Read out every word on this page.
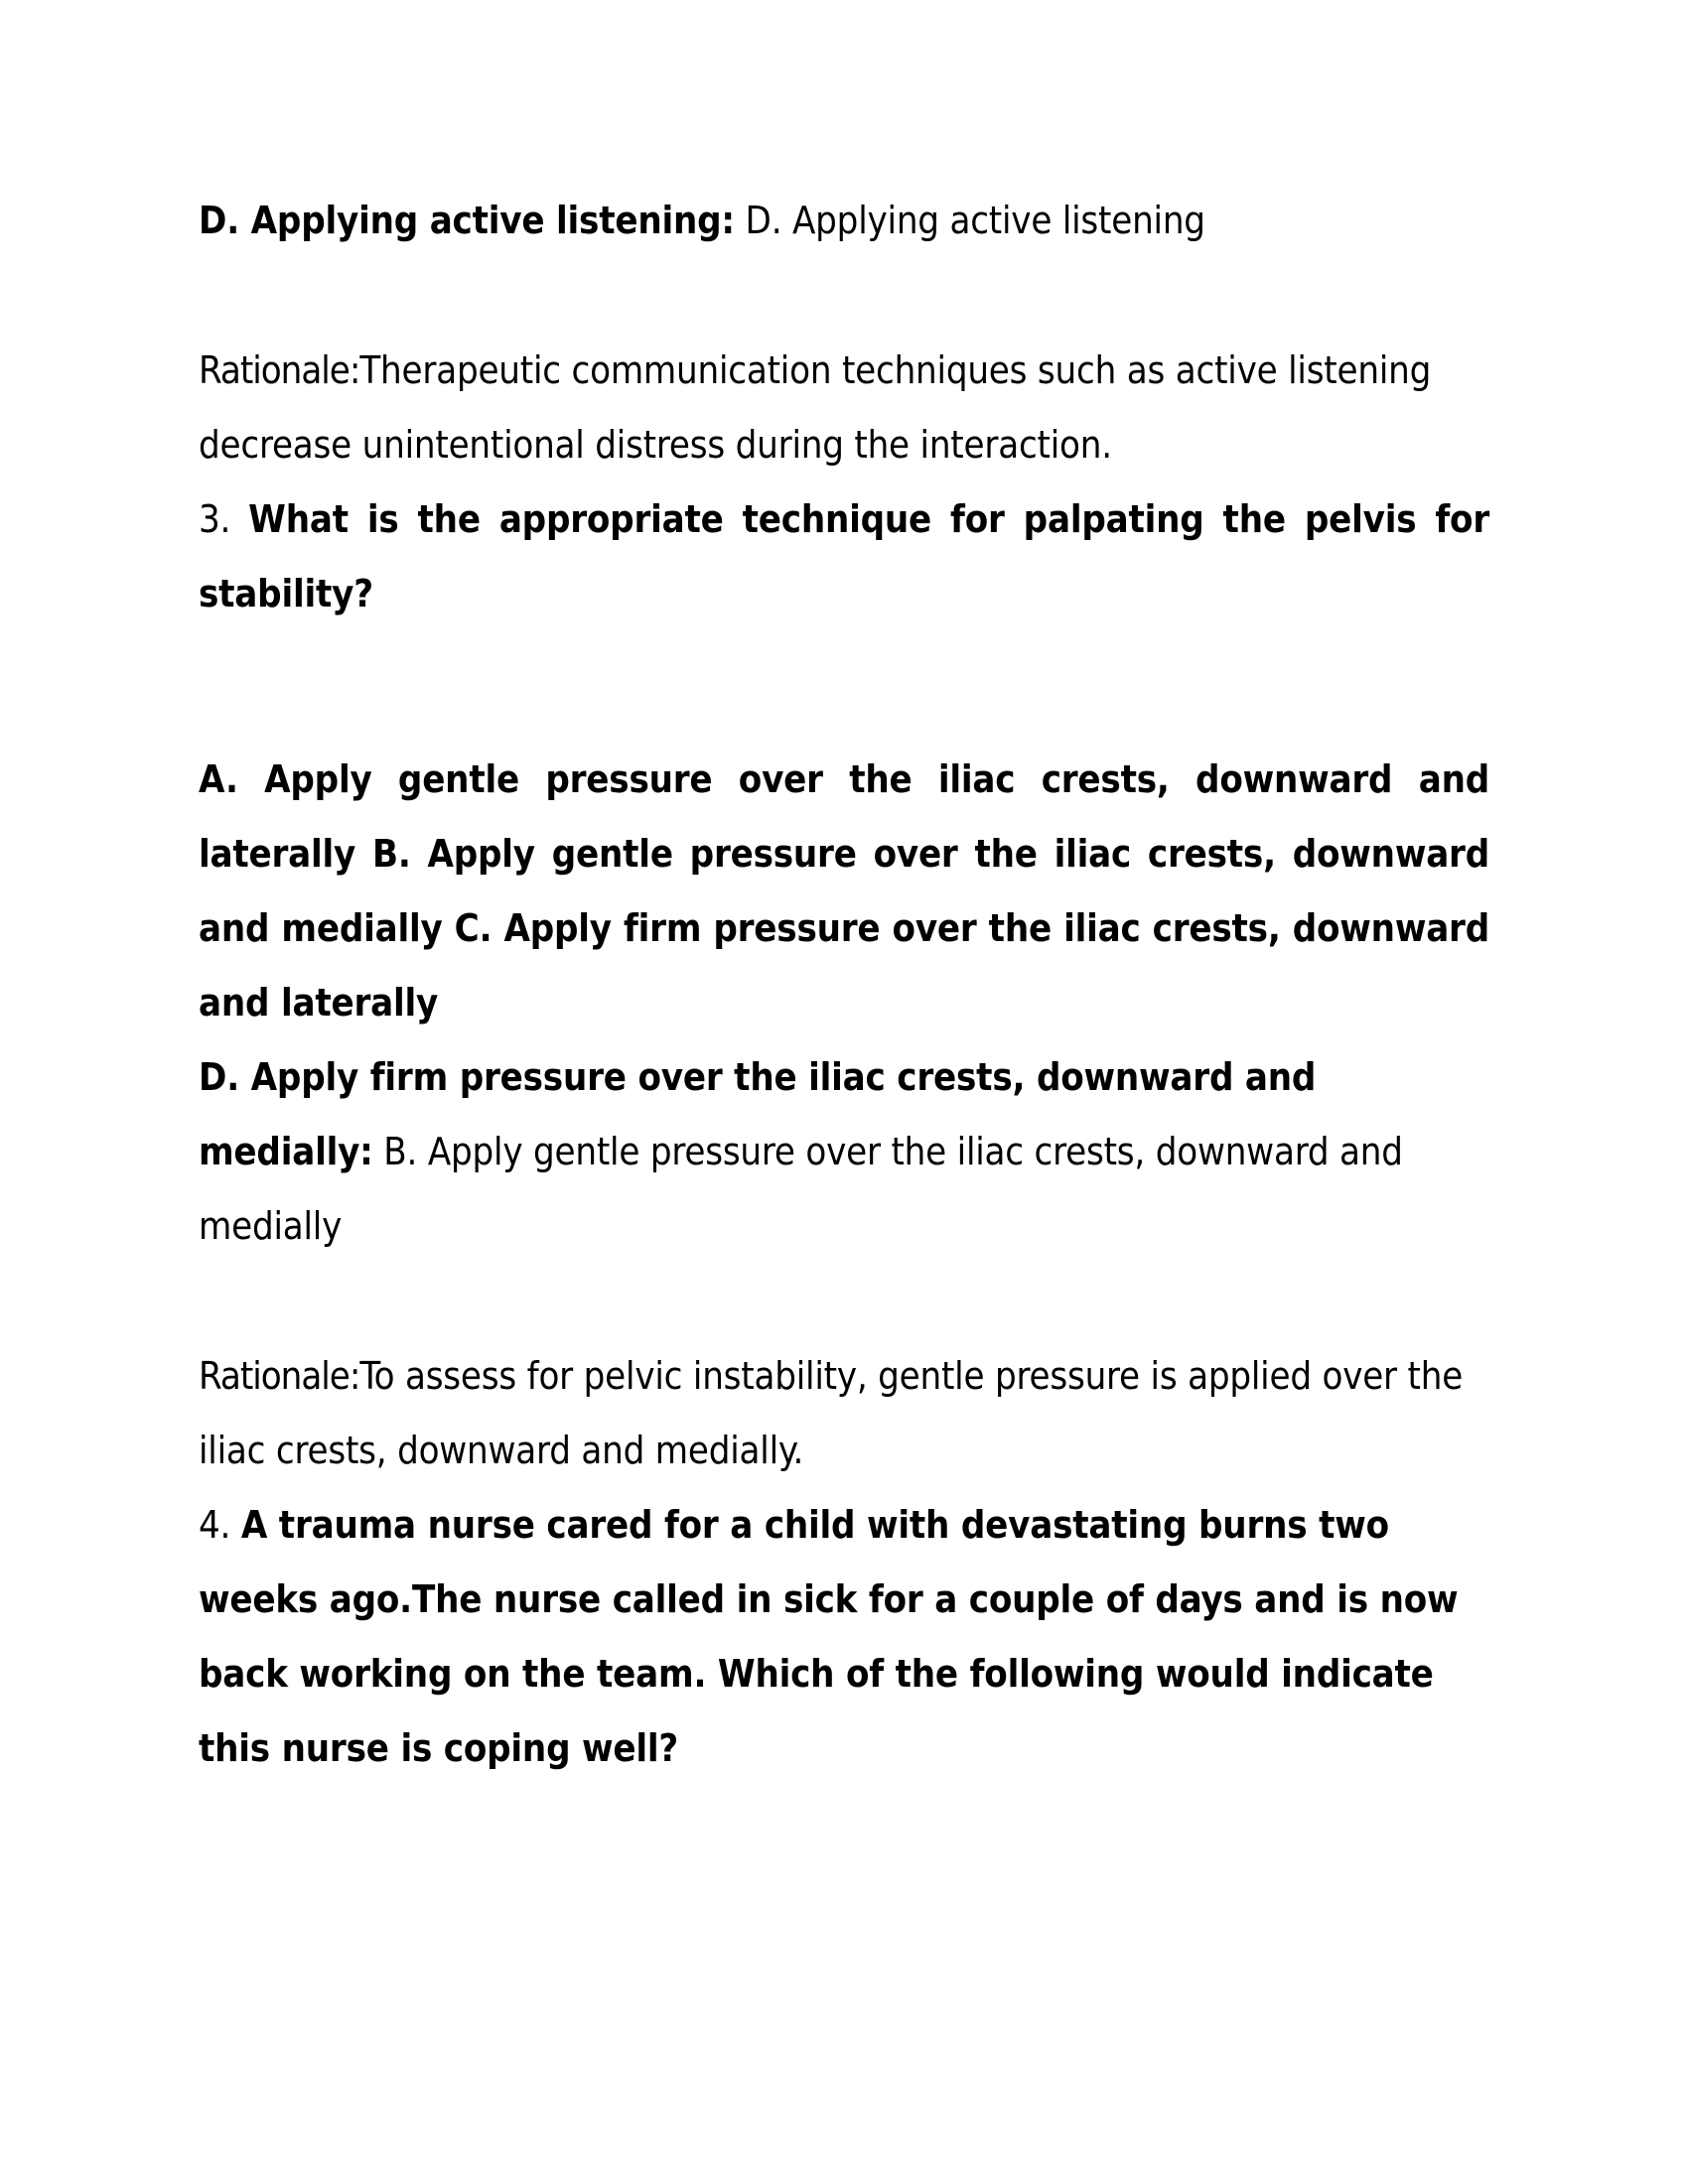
D. Applying active listening: D. Applying active listening

Rationale:Therapeutic communication techniques such as active listening decrease unintentional distress during the interaction.

3. What is the appropriate technique for palpating the pelvis for stability?

A. Apply gentle pressure over the iliac crests, downward and laterally B. Apply gentle pressure over the iliac crests, downward and medially C. Apply firm pressure over the iliac crests, downward and laterally

D. Apply firm pressure over the iliac crests, downward and medially: B. Apply gentle pressure over the iliac crests, downward and medially

Rationale:To assess for pelvic instability, gentle pressure is applied over the iliac crests, downward and medially.

4. A trauma nurse cared for a child with devastating burns two weeks ago.The nurse called in sick for a couple of days and is now back working on the team. Which of the following would indicate this nurse is coping well?
